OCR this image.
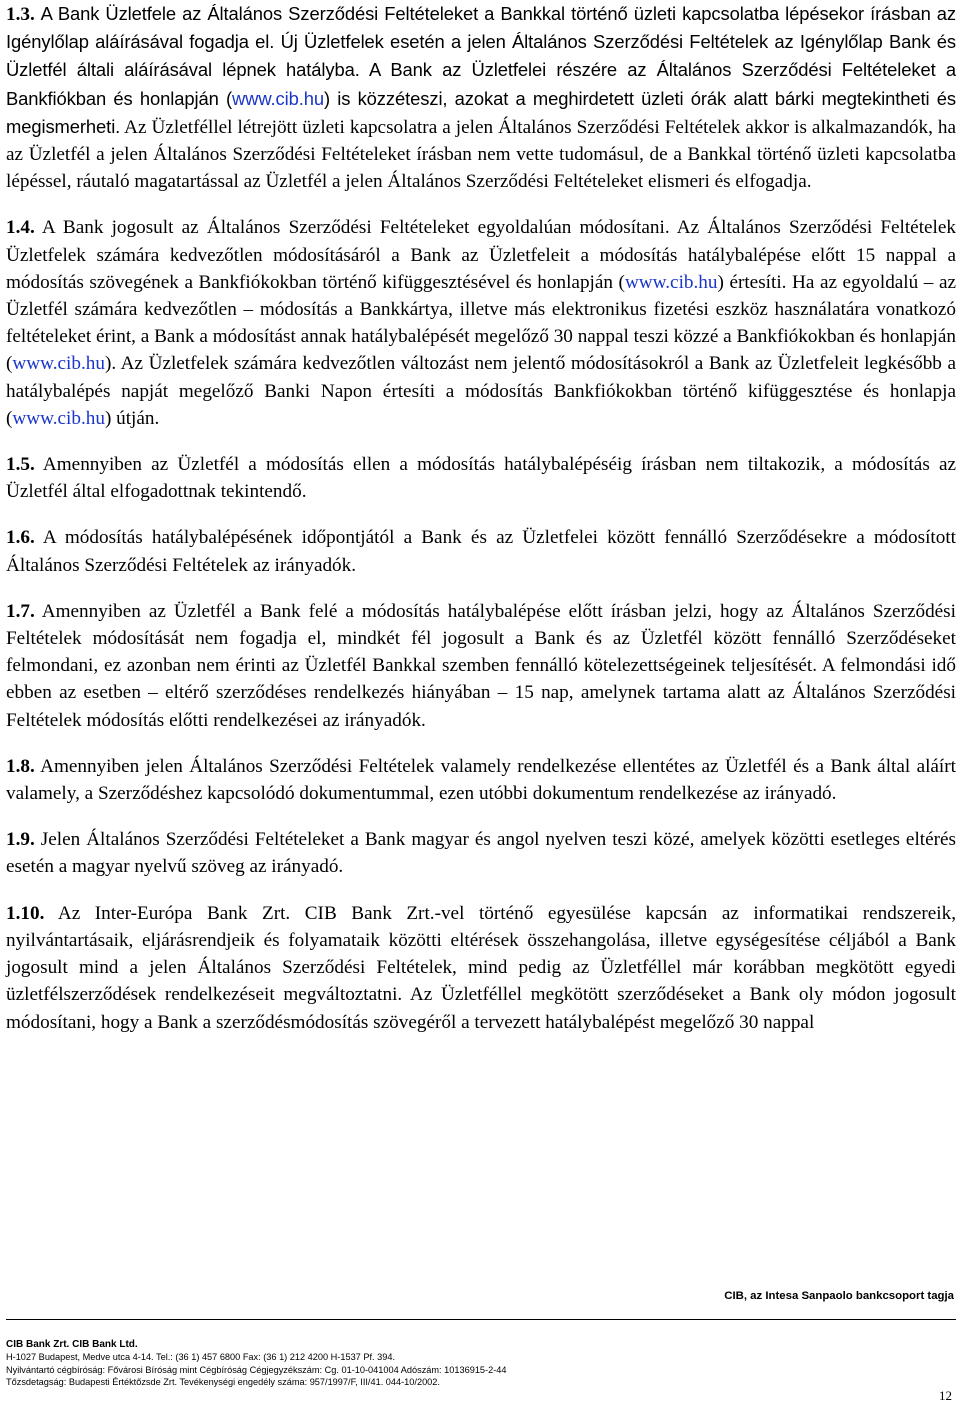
1.3. A Bank Üzletfele az Általános Szerződési Feltételeket a Bankkal történő üzleti kapcsolatba lépésekor írásban az Igénylőlap aláírásával fogadja el. Új Üzletfelek esetén a jelen Általános Szerződési Feltételek az Igénylőlap Bank és Üzletfél általi aláírásával lépnek hatályba. A Bank az Üzletfelei részére az Általános Szerződési Feltételeket a Bankfiókban és honlapján (www.cib.hu) is közzéteszi, azokat a meghirdetett üzleti órák alatt bárki megtekintheti és megismerheti. Az Üzletféllel létrejött üzleti kapcsolatra a jelen Általános Szerződési Feltételek akkor is alkalmazandók, ha az Üzletfél a jelen Általános Szerződési Feltételeket írásban nem vette tudomásul, de a Bankkal történő üzleti kapcsolatba lépéssel, ráutaló magatartással az Üzletfél a jelen Általános Szerződési Feltételeket elismeri és elfogadja.

1.4. A Bank jogosult az Általános Szerződési Feltételeket egyoldalúan módosítani. Az Általános Szerződési Feltételek Üzletfelek számára kedvezőtlen módosításáról a Bank az Üzletfeleit a módosítás hatálybalépése előtt 15 nappal a módosítás szövegének a Bankfiókokban történő kifüggesztésével és honlapján (www.cib.hu) értesíti. Ha az egyoldalú – az Üzletfél számára kedvezőtlen – módosítás a Bankkártya, illetve más elektronikus fizetési eszköz használatára vonatkozó feltételeket érint, a Bank a módosítást annak hatálybalépését megelőző 30 nappal teszi közzé a Bankfiókokban és honlapján (www.cib.hu). Az Üzletfelek számára kedvezőtlen változást nem jelentő módosításokról a Bank az Üzletfeleit legkésőbb a hatálybalépés napját megelőző Banki Napon értesíti a módosítás Bankfiókokban történő kifüggesztése és honlapja (www.cib.hu) útján.

1.5. Amennyiben az Üzletfél a módosítás ellen a módosítás hatálybalépéséig írásban nem tiltakozik, a módosítás az Üzletfél által elfogadottnak tekintendő.

1.6. A módosítás hatálybalépésének időpontjától a Bank és az Üzletfelei között fennálló Szerződésekre a módosított Általános Szerződési Feltételek az irányadók.

1.7. Amennyiben az Üzletfél a Bank felé a módosítás hatálybalépése előtt írásban jelzi, hogy az Általános Szerződési Feltételek módosítását nem fogadja el, mindkét fél jogosult a Bank és az Üzletfél között fennálló Szerződéseket felmondani, ez azonban nem érinti az Üzletfél Bankkal szemben fennálló kötelezettségeinek teljesítését. A felmondási idő ebben az esetben – eltérő szerződéses rendelkezés hiányában – 15 nap, amelynek tartama alatt az Általános Szerződési Feltételek módosítás előtti rendelkezései az irányadók.

1.8. Amennyiben jelen Általános Szerződési Feltételek valamely rendelkezése ellentétes az Üzletfél és a Bank által aláírt valamely, a Szerződéshez kapcsolódó dokumentummal, ezen utóbbi dokumentum rendelkezése az irányadó.

1.9. Jelen Általános Szerződési Feltételeket a Bank magyar és angol nyelven teszi közé, amelyek közötti esetleges eltérés esetén a magyar nyelvű szöveg az irányadó.

1.10. Az Inter-Európa Bank Zrt. CIB Bank Zrt.-vel történő egyesülése kapcsán az informatikai rendszereik, nyilvántartásaik, eljárásrendjeik és folyamataik közötti eltérések összehangolása, illetve egységesítése céljából a Bank jogosult mind a jelen Általános Szerződési Feltételek, mind pedig az Üzletféllel már korábban megkötött egyedi üzletfélszerződések rendelkezéseit megváltoztatni. Az Üzletféllel megkötött szerződéseket a Bank oly módon jogosult módosítani, hogy a Bank a szerződésmódosítás szövegéről a tervezett hatálybalépést megelőző 30 nappal

CIB, az Intesa Sanpaolo bankcsoport tagja
CIB Bank Zrt. CIB Bank Ltd.
H-1027 Budapest, Medve utca 4-14. Tel.: (36 1) 457 6800 Fax: (36 1) 212 4200 H-1537 Pf. 394.
Nyilvántartó cégbíróság: Fővárosi Bíróság mint Cégbíróság Cégjegyzékszám: Cg. 01-10-041004 Adószám: 10136915-2-44
Tőzsdetagság: Budapesti Értéktőzsde Zrt. Tevékenységi engedély száma: 957/1997/F, III/41. 044-10/2002.
12
